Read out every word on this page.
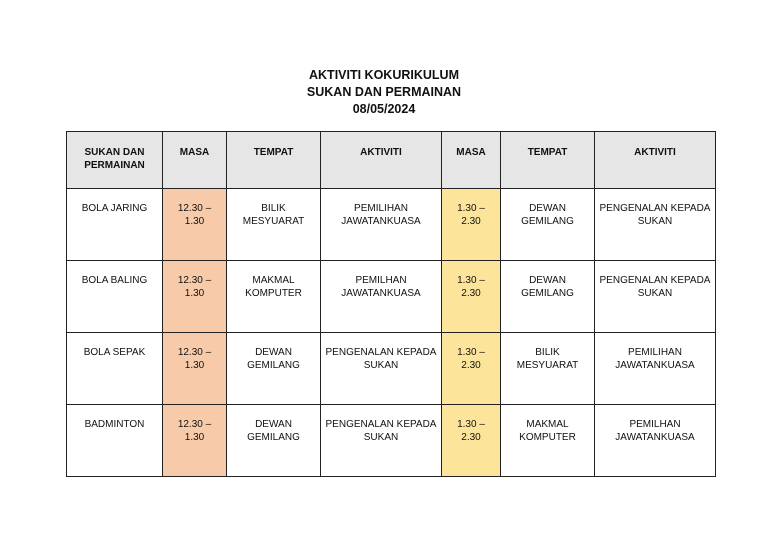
AKTIVITI KOKURIKULUM
SUKAN DAN PERMAINAN
08/05/2024
SUKAN DAN PERMAINAN	MASA	TEMPAT	AKTIVITI	MASA	TEMPAT	AKTIVITI
BOLA JARING	12.30 – 1.30	BILIK MESYUARAT	PEMILIHAN JAWATANKUASA	1.30 – 2.30	DEWAN GEMILANG	PENGENALAN KEPADA SUKAN
BOLA BALING	12.30 – 1.30	MAKMAL KOMPUTER	PEMILHAN JAWATANKUASA	1.30 – 2.30	DEWAN GEMILANG	PENGENALAN KEPADA SUKAN
BOLA SEPAK	12.30 – 1.30	DEWAN GEMILANG	PENGENALAN KEPADA SUKAN	1.30 – 2.30	BILIK MESYUARAT	PEMILIHAN JAWATANKUASA
BADMINTON	12.30 – 1.30	DEWAN GEMILANG	PENGENALAN KEPADA SUKAN	1.30 – 2.30	MAKMAL KOMPUTER	PEMILHAN JAWATANKUASA
